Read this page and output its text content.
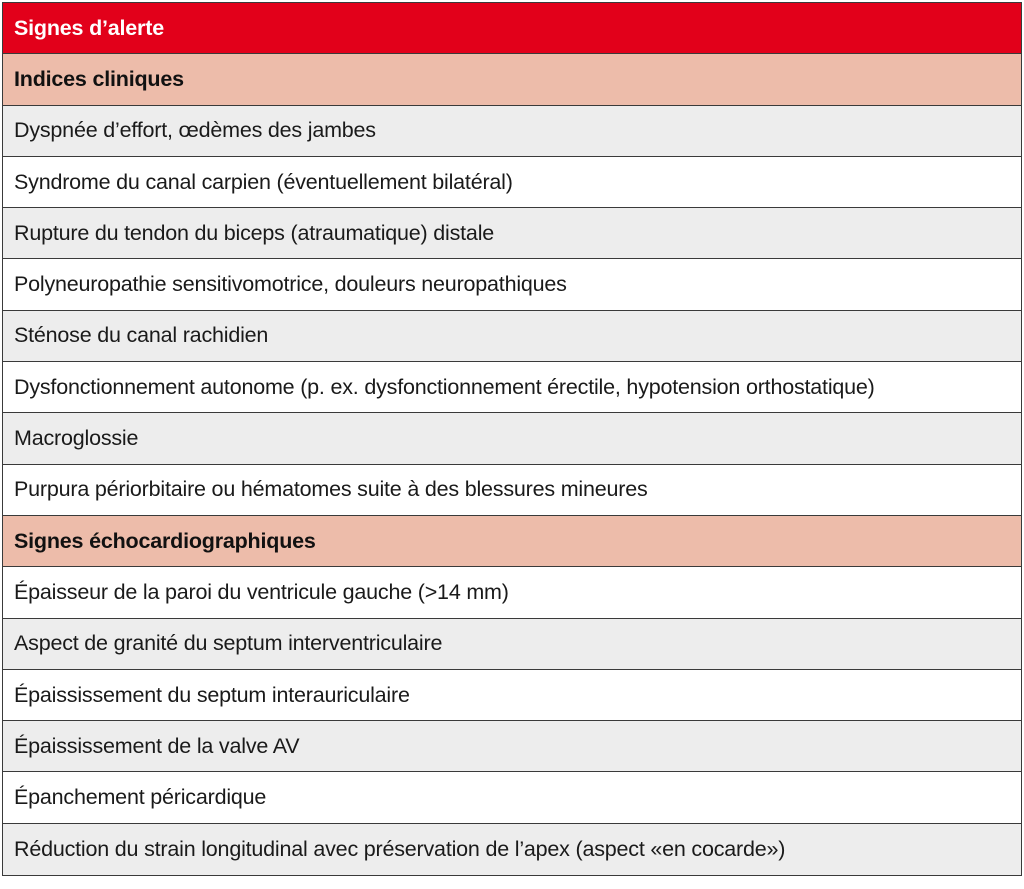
Signes d’alerte
Indices cliniques
Dyspnée d’effort, œdèmes des jambes
Syndrome du canal carpien (éventuellement bilatéral)
Rupture du tendon du biceps (atraumatique) distale
Polyneuropathie sensitivomotrice, douleurs neuropathiques
Sténose du canal rachidien
Dysfonctionnement autonome (p. ex. dysfonctionnement érectile, hypotension orthostatique)
Macroglossie
Purpura périorbitaire ou hématomes suite à des blessures mineures
Signes échocardiographiques
Épaisseur de la paroi du ventricule gauche (>14 mm)
Aspect de granité du septum interventriculaire
Épaississement du septum interauriculaire
Épaississement de la valve AV
Épanchement péricardique
Réduction du strain longitudinal avec préservation de l’apex (aspect «en cocarde»)
